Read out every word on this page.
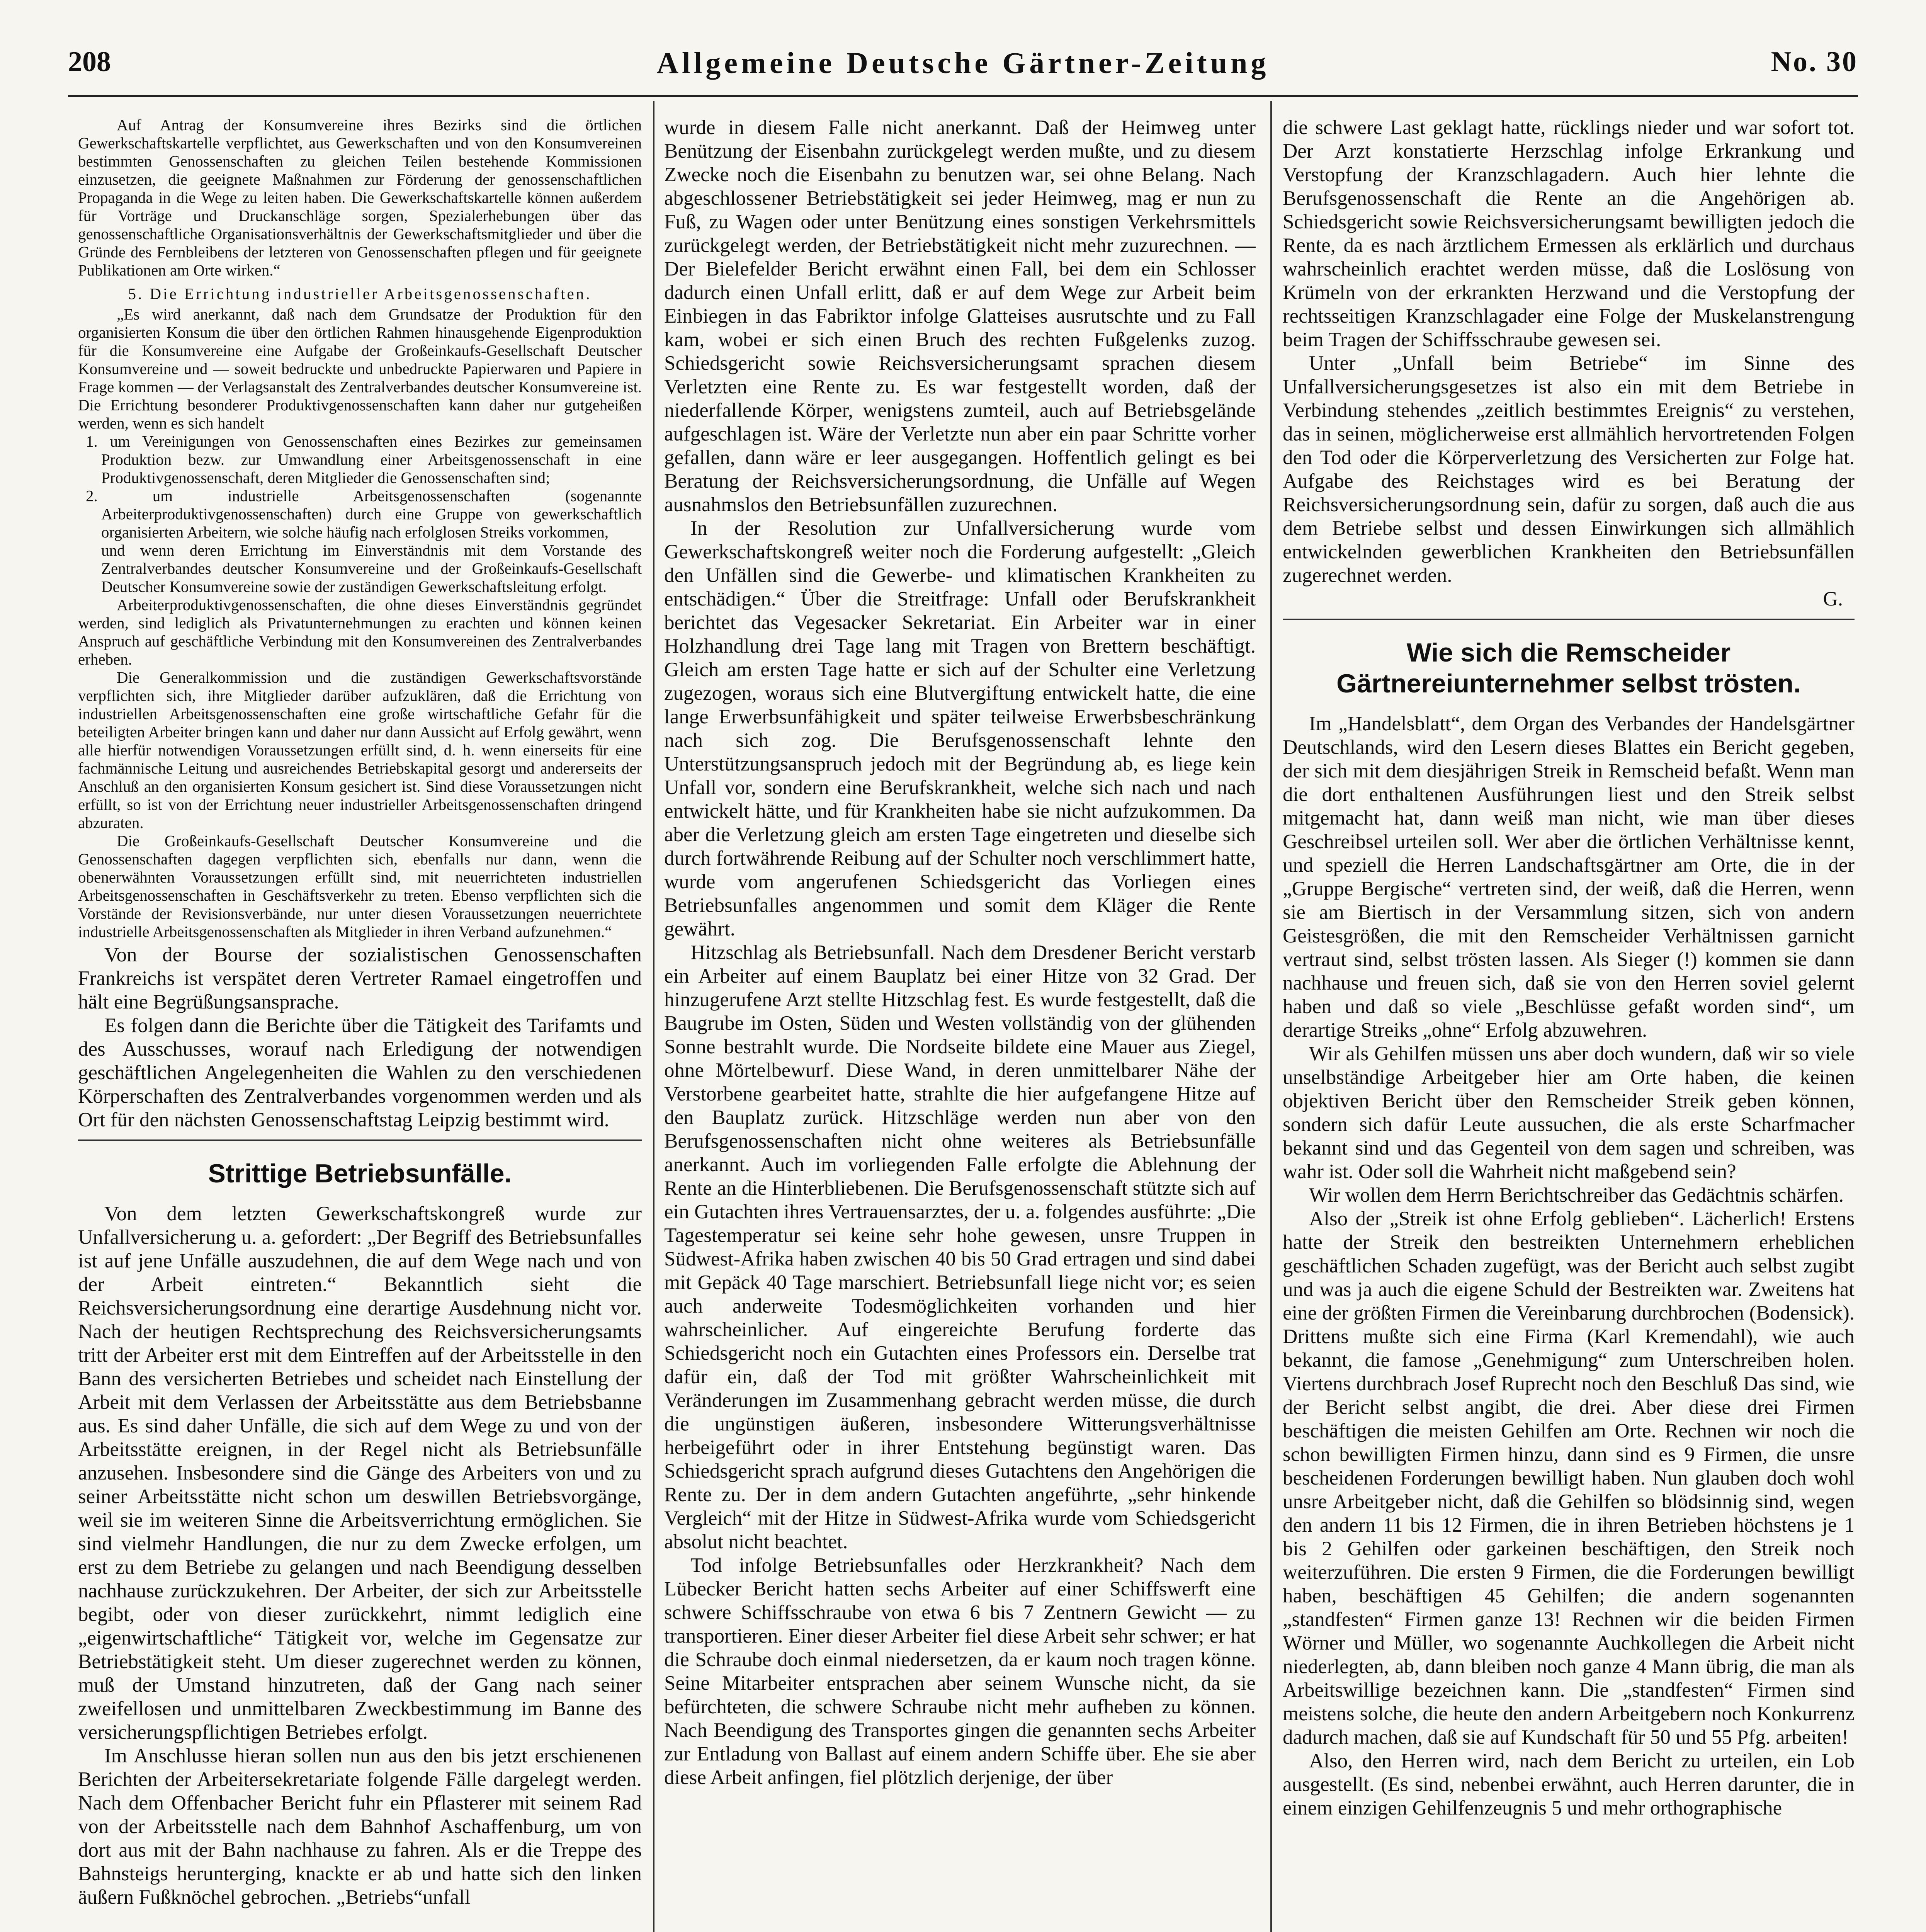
208	Allgemeine Deutsche Gärtner-Zeitung	No. 30

Auf Antrag der Konsumvereine ihres Bezirks sind die örtlichen Gewerkschaftskartelle verpflichtet, aus Gewerkschaften und von den Konsumvereinen bestimmten Genossenschaften zu gleichen Teilen bestehende Kommissionen einzusetzen, die geeignete Maßnahmen zur Förderung der genossenschaftlichen Propaganda in die Wege zu leiten haben. Die Gewerkschaftskartelle können außerdem für Vorträge und Druckanschläge sorgen, Spezialerhebungen über das genossenschaftliche Organisationsverhältnis der Gewerkschaftsmitglieder und über die Gründe des Fernbleibens der letzteren von Genossenschaften pflegen und für geeignete Publikationen am Orte wirken.“

5. Die Errichtung industrieller Arbeitsgenossenschaften.

„Es wird anerkannt, daß nach dem Grundsatze der Produktion für den organisierten Konsum die über den örtlichen Rahmen hinausgehende Eigenproduktion für die Konsumvereine eine Aufgabe der Großeinkaufs-Gesellschaft Deutscher Konsumvereine und — soweit bedruckte und unbedruckte Papierwaren und Papiere in Frage kommen — der Verlagsanstalt des Zentralverbandes deutscher Konsumvereine ist. Die Errichtung besonderer Produktivgenossenschaften kann daher nur gutgeheißen werden, wenn es sich handelt

1. um Vereinigungen von Genossenschaften eines Bezirkes zur gemeinsamen Produktion bezw. zur Umwandlung einer Arbeitsgenossenschaft in eine Produktivgenossenschaft, deren Mitglieder die Genossenschaften sind;

2. um industrielle Arbeitsgenossenschaften (sogenannte Arbeiterproduktivgenossenschaften) durch eine Gruppe von gewerkschaftlich organisierten Arbeitern, wie solche häufig nach erfolglosen Streiks vorkommen,

und wenn deren Errichtung im Einverständnis mit dem Vorstande des Zentralverbandes deutscher Konsumvereine und der Großeinkaufs-Gesellschaft Deutscher Konsumvereine sowie der zuständigen Gewerkschaftsleitung erfolgt.

Arbeiterproduktivgenossenschaften, die ohne dieses Einverständnis gegründet werden, sind lediglich als Privatunternehmungen zu erachten und können keinen Anspruch auf geschäftliche Verbindung mit den Konsumvereinen des Zentralverbandes erheben.

Die Generalkommission und die zuständigen Gewerkschaftsvorstände verpflichten sich, ihre Mitglieder darüber aufzuklären, daß die Errichtung von industriellen Arbeitsgenossenschaften eine große wirtschaftliche Gefahr für die beteiligten Arbeiter bringen kann und daher nur dann Aussicht auf Erfolg gewährt, wenn alle hierfür notwendigen Voraussetzungen erfüllt sind, d. h. wenn einerseits für eine fachmännische Leitung und ausreichendes Betriebskapital gesorgt und andererseits der Anschluß an den organisierten Konsum gesichert ist. Sind diese Voraussetzungen nicht erfüllt, so ist von der Errichtung neuer industrieller Arbeitsgenossenschaften dringend abzuraten.

Die Großeinkaufs-Gesellschaft Deutscher Konsumvereine und die Genossenschaften dagegen verpflichten sich, ebenfalls nur dann, wenn die obenerwähnten Voraussetzungen erfüllt sind, mit neuerrichteten industriellen Arbeitsgenossenschaften in Geschäftsverkehr zu treten. Ebenso verpflichten sich die Vorstände der Revisionsverbände, nur unter diesen Voraussetzungen neuerrichtete industrielle Arbeitsgenossenschaften als Mitglieder in ihren Verband aufzunehmen.“

Von der Bourse der sozialistischen Genossenschaften Frankreichs ist verspätet deren Vertreter Ramael eingetroffen und hält eine Begrüßungsansprache.

Es folgen dann die Berichte über die Tätigkeit des Tarifamts und des Ausschusses, worauf nach Erledigung der notwendigen geschäftlichen Angelegenheiten die Wahlen zu den verschiedenen Körperschaften des Zentralverbandes vorgenommen werden und als Ort für den nächsten Genossenschaftstag Leipzig bestimmt wird.

Strittige Betriebsunfälle.

Von dem letzten Gewerkschaftskongreß wurde zur Unfallversicherung u. a. gefordert: „Der Begriff des Betriebsunfalles ist auf jene Unfälle auszudehnen, die auf dem Wege nach und von der Arbeit eintreten.“ Bekanntlich sieht die Reichsversicherungsordnung eine derartige Ausdehnung nicht vor. Nach der heutigen Rechtsprechung des Reichsversicherungsamts tritt der Arbeiter erst mit dem Eintreffen auf der Arbeitsstelle in den Bann des versicherten Betriebes und scheidet nach Einstellung der Arbeit mit dem Verlassen der Arbeitsstätte aus dem Betriebsbanne aus. Es sind daher Unfälle, die sich auf dem Wege zu und von der Arbeitsstätte ereignen, in der Regel nicht als Betriebsunfälle anzusehen. Insbesondere sind die Gänge des Arbeiters von und zu seiner Arbeitsstätte nicht schon um deswillen Betriebsvorgänge, weil sie im weiteren Sinne die Arbeitsverrichtung ermöglichen. Sie sind vielmehr Handlungen, die nur zu dem Zwecke erfolgen, um erst zu dem Betriebe zu gelangen und nach Beendigung desselben nachhause zurückzukehren. Der Arbeiter, der sich zur Arbeitsstelle begibt, oder von dieser zurückkehrt, nimmt lediglich eine „eigenwirtschaftliche“ Tätigkeit vor, welche im Gegensatze zur Betriebstätigkeit steht. Um dieser zugerechnet werden zu können, muß der Umstand hinzutreten, daß der Gang nach seiner zweifellosen und unmittelbaren Zweckbestimmung im Banne des versicherungspflichtigen Betriebes erfolgt.

Im Anschlusse hieran sollen nun aus den bis jetzt erschienenen Berichten der Arbeitersekretariate folgende Fälle dargelegt werden. Nach dem Offenbacher Bericht fuhr ein Pflasterer mit seinem Rad von der Arbeitsstelle nach dem Bahnhof Aschaffenburg, um von dort aus mit der Bahn nachhause zu fahren. Als er die Treppe des Bahnsteigs herunterging, knackte er ab und hatte sich den linken äußern Fußknöchel gebrochen. „Betriebs“unfall

wurde in diesem Falle nicht anerkannt. Daß der Heimweg unter Benützung der Eisenbahn zurückgelegt werden mußte, und zu diesem Zwecke noch die Eisenbahn zu benutzen war, sei ohne Belang. Nach abgeschlossener Betriebstätigkeit sei jeder Heimweg, mag er nun zu Fuß, zu Wagen oder unter Benützung eines sonstigen Verkehrsmittels zurückgelegt werden, der Betriebstätigkeit nicht mehr zuzurechnen. — Der Bielefelder Bericht erwähnt einen Fall, bei dem ein Schlosser dadurch einen Unfall erlitt, daß er auf dem Wege zur Arbeit beim Einbiegen in das Fabriktor infolge Glatteises ausrutschte und zu Fall kam, wobei er sich einen Bruch des rechten Fußgelenks zuzog. Schiedsgericht sowie Reichsversicherungsamt sprachen diesem Verletzten eine Rente zu. Es war festgestellt worden, daß der niederfallende Körper, wenigstens zumteil, auch auf Betriebsgelände aufgeschlagen ist. Wäre der Verletzte nun aber ein paar Schritte vorher gefallen, dann wäre er leer ausgegangen. Hoffentlich gelingt es bei Beratung der Reichsversicherungsordnung, die Unfälle auf Wegen ausnahmslos den Betriebsunfällen zuzurechnen.

In der Resolution zur Unfallversicherung wurde vom Gewerkschaftskongreß weiter noch die Forderung aufgestellt: „Gleich den Unfällen sind die Gewerbe- und klimatischen Krankheiten zu entschädigen.“ Über die Streitfrage: Unfall oder Berufskrankheit berichtet das Vegesacker Sekretariat. Ein Arbeiter war in einer Holzhandlung drei Tage lang mit Tragen von Brettern beschäftigt. Gleich am ersten Tage hatte er sich auf der Schulter eine Verletzung zugezogen, woraus sich eine Blutvergiftung entwickelt hatte, die eine lange Erwerbsunfähigkeit und später teilweise Erwerbsbeschränkung nach sich zog. Die Berufsgenossenschaft lehnte den Unterstützungsanspruch jedoch mit der Begründung ab, es liege kein Unfall vor, sondern eine Berufskrankheit, welche sich nach und nach entwickelt hätte, und für Krankheiten habe sie nicht aufzukommen. Da aber die Verletzung gleich am ersten Tage eingetreten und dieselbe sich durch fortwährende Reibung auf der Schulter noch verschlimmert hatte, wurde vom angerufenen Schiedsgericht das Vorliegen eines Betriebsunfalles angenommen und somit dem Kläger die Rente gewährt.

Hitzschlag als Betriebsunfall. Nach dem Dresdener Bericht verstarb ein Arbeiter auf einem Bauplatz bei einer Hitze von 32 Grad. Der hinzugerufene Arzt stellte Hitzschlag fest. Es wurde festgestellt, daß die Baugrube im Osten, Süden und Westen vollständig von der glühenden Sonne bestrahlt wurde. Die Nordseite bildete eine Mauer aus Ziegel, ohne Mörtelbewurf. Diese Wand, in deren unmittelbarer Nähe der Verstorbene gearbeitet hatte, strahlte die hier aufgefangene Hitze auf den Bauplatz zurück. Hitzschläge werden nun aber von den Berufsgenossenschaften nicht ohne weiteres als Betriebsunfälle anerkannt. Auch im vorliegenden Falle erfolgte die Ablehnung der Rente an die Hinterbliebenen. Die Berufsgenossenschaft stützte sich auf ein Gutachten ihres Vertrauensarztes, der u. a. folgendes ausführte: „Die Tagestemperatur sei keine sehr hohe gewesen, unsre Truppen in Südwest-Afrika haben zwischen 40 bis 50 Grad ertragen und sind dabei mit Gepäck 40 Tage marschiert. Betriebsunfall liege nicht vor; es seien auch anderweite Todesmöglichkeiten vorhanden und hier wahrscheinlicher. Auf eingereichte Berufung forderte das Schiedsgericht noch ein Gutachten eines Professors ein. Derselbe trat dafür ein, daß der Tod mit größter Wahrscheinlichkeit mit Veränderungen im Zusammenhang gebracht werden müsse, die durch die ungünstigen äußeren, insbesondere Witterungsverhältnisse herbeigeführt oder in ihrer Entstehung begünstigt waren. Das Schiedsgericht sprach aufgrund dieses Gutachtens den Angehörigen die Rente zu. Der in dem andern Gutachten angeführte, „sehr hinkende Vergleich“ mit der Hitze in Südwest-Afrika wurde vom Schiedsgericht absolut nicht beachtet.

Tod infolge Betriebsunfalles oder Herzkrankheit? Nach dem Lübecker Bericht hatten sechs Arbeiter auf einer Schiffswerft eine schwere Schiffsschraube von etwa 6 bis 7 Zentnern Gewicht — zu transportieren. Einer dieser Arbeiter fiel diese Arbeit sehr schwer; er hat die Schraube doch einmal niedersetzen, da er kaum noch tragen könne. Seine Mitarbeiter entsprachen aber seinem Wunsche nicht, da sie befürchteten, die schwere Schraube nicht mehr aufheben zu können. Nach Beendigung des Transportes gingen die genannten sechs Arbeiter zur Entladung von Ballast auf einem andern Schiffe über. Ehe sie aber diese Arbeit anfingen, fiel plötzlich derjenige, der über

die schwere Last geklagt hatte, rücklings nieder und war sofort tot. Der Arzt konstatierte Herzschlag infolge Erkrankung und Verstopfung der Kranzschlagadern. Auch hier lehnte die Berufsgenossenschaft die Rente an die Angehörigen ab. Schiedsgericht sowie Reichsversicherungsamt bewilligten jedoch die Rente, da es nach ärztlichem Ermessen als erklärlich und durchaus wahrscheinlich erachtet werden müsse, daß die Loslösung von Krümeln von der erkrankten Herzwand und die Verstopfung der rechtsseitigen Kranzschlagader eine Folge der Muskelanstrengung beim Tragen der Schiffsschraube gewesen sei.

Unter „Unfall beim Betriebe“ im Sinne des Unfallversicherungsgesetzes ist also ein mit dem Betriebe in Verbindung stehendes „zeitlich bestimmtes Ereignis“ zu verstehen, das in seinen, möglicherweise erst allmählich hervortretenden Folgen den Tod oder die Körperverletzung des Versicherten zur Folge hat. Aufgabe des Reichstages wird es bei Beratung der Reichsversicherungsordnung sein, dafür zu sorgen, daß auch die aus dem Betriebe selbst und dessen Einwirkungen sich allmählich entwickelnden gewerblichen Krankheiten den Betriebsunfällen zugerechnet werden.

G.

Wie sich die Remscheider Gärtnereiunternehmer selbst trösten.

Im „Handelsblatt“, dem Organ des Verbandes der Handelsgärtner Deutschlands, wird den Lesern dieses Blattes ein Bericht gegeben, der sich mit dem diesjährigen Streik in Remscheid befaßt. Wenn man die dort enthaltenen Ausführungen liest und den Streik selbst mitgemacht hat, dann weiß man nicht, wie man über dieses Geschreibsel urteilen soll. Wer aber die örtlichen Verhältnisse kennt, und speziell die Herren Landschaftsgärtner am Orte, die in der „Gruppe Bergische“ vertreten sind, der weiß, daß die Herren, wenn sie am Biertisch in der Versammlung sitzen, sich von andern Geistesgrößen, die mit den Remscheider Verhältnissen garnicht vertraut sind, selbst trösten lassen. Als Sieger (!) kommen sie dann nachhause und freuen sich, daß sie von den Herren soviel gelernt haben und daß so viele „Beschlüsse gefaßt worden sind“, um derartige Streiks „ohne“ Erfolg abzuwehren.

Wir als Gehilfen müssen uns aber doch wundern, daß wir so viele unselbständige Arbeitgeber hier am Orte haben, die keinen objektiven Bericht über den Remscheider Streik geben können, sondern sich dafür Leute aussuchen, die als erste Scharfmacher bekannt sind und das Gegenteil von dem sagen und schreiben, was wahr ist. Oder soll die Wahrheit nicht maßgebend sein?

Wir wollen dem Herrn Berichtschreiber das Gedächtnis schärfen.

Also der „Streik ist ohne Erfolg geblieben“. Lächerlich! Erstens hatte der Streik den bestreikten Unternehmern erheblichen geschäftlichen Schaden zugefügt, was der Bericht auch selbst zugibt und was ja auch die eigene Schuld der Bestreikten war. Zweitens hat eine der größten Firmen die Vereinbarung durchbrochen (Bodensick). Drittens mußte sich eine Firma (Karl Kremendahl), wie auch bekannt, die famose „Genehmigung“ zum Unterschreiben holen. Viertens durchbrach Josef Ruprecht noch den Beschluß Das sind, wie der Bericht selbst angibt, die drei. Aber diese drei Firmen beschäftigen die meisten Gehilfen am Orte. Rechnen wir noch die schon bewilligten Firmen hinzu, dann sind es 9 Firmen, die unsre bescheidenen Forderungen bewilligt haben. Nun glauben doch wohl unsre Arbeitgeber nicht, daß die Gehilfen so blödsinnig sind, wegen den andern 11 bis 12 Firmen, die in ihren Betrieben höchstens je 1 bis 2 Gehilfen oder garkeinen beschäftigen, den Streik noch weiterzuführen. Die ersten 9 Firmen, die die Forderungen bewilligt haben, beschäftigen 45 Gehilfen; die andern sogenannten „standfesten“ Firmen ganze 13! Rechnen wir die beiden Firmen Wörner und Müller, wo sogenannte Auchkollegen die Arbeit nicht niederlegten, ab, dann bleiben noch ganze 4 Mann übrig, die man als Arbeitswillige bezeichnen kann. Die „standfesten“ Firmen sind meistens solche, die heute den andern Arbeitgebern noch Konkurrenz dadurch machen, daß sie auf Kundschaft für 50 und 55 Pfg. arbeiten!

Also, den Herren wird, nach dem Bericht zu urteilen, ein Lob ausgestellt. (Es sind, nebenbei erwähnt, auch Herren darunter, die in einem einzigen Gehilfenzeugnis 5 und mehr orthographische
